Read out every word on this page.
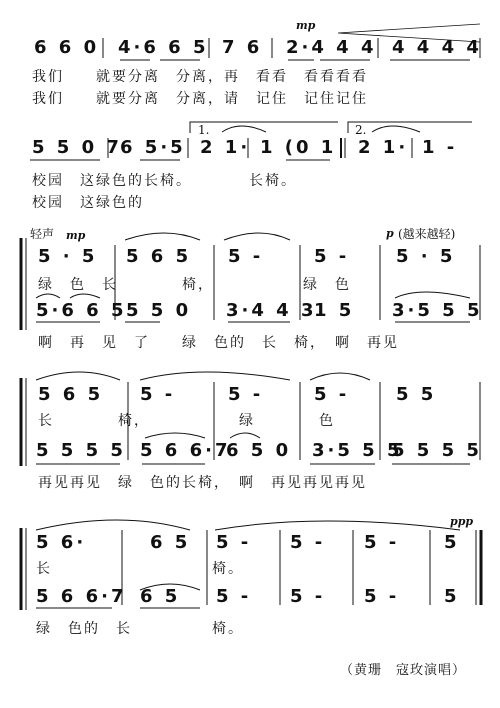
6 6 0 4·6 6 5 7 6 2·4 4 4 4 4 4 4
mp
我们　　就要分离　分离，再　看看　看看看看
我们　　就要分离　分离，请　记住　记住记住
1.	2.
5 5 0 7
6 5·5 2 1· 1 (0 1 2 1· 1 -
校园　这绿色的长椅。　　　　长椅。
校园　这绿色的
轻声 mp	p (越来越轻)
5 · 5 5 6 5 5 -	5 -	5 · 5
绿　色　长　　　　椅，　　　　　　绿　色
5·6 6 5 5 5 0 3·4 4 3
1 5 3·5 5 5
啊　再　见　了　　绿　色的　长　椅，　啊　再见
5 6 5 5 -	5 -	5 -	5 5
长　　　　椅，　　　　　　绿　　　　色
5 5 5 5 5 6 6·7
6 5 0 3·5 5 5
5 5 5 5
再见再见　绿　色的长椅，　啊　再见再见再见
ppp
5 6·	6 5 5 - 5 - 5 - 5
长　　　　　　　　　　椅。
5 6 6·7 6 5 5 - 5 - 5 - 5
绿　色的　长　　　　　椅。
（黄珊　寇玫演唱）
